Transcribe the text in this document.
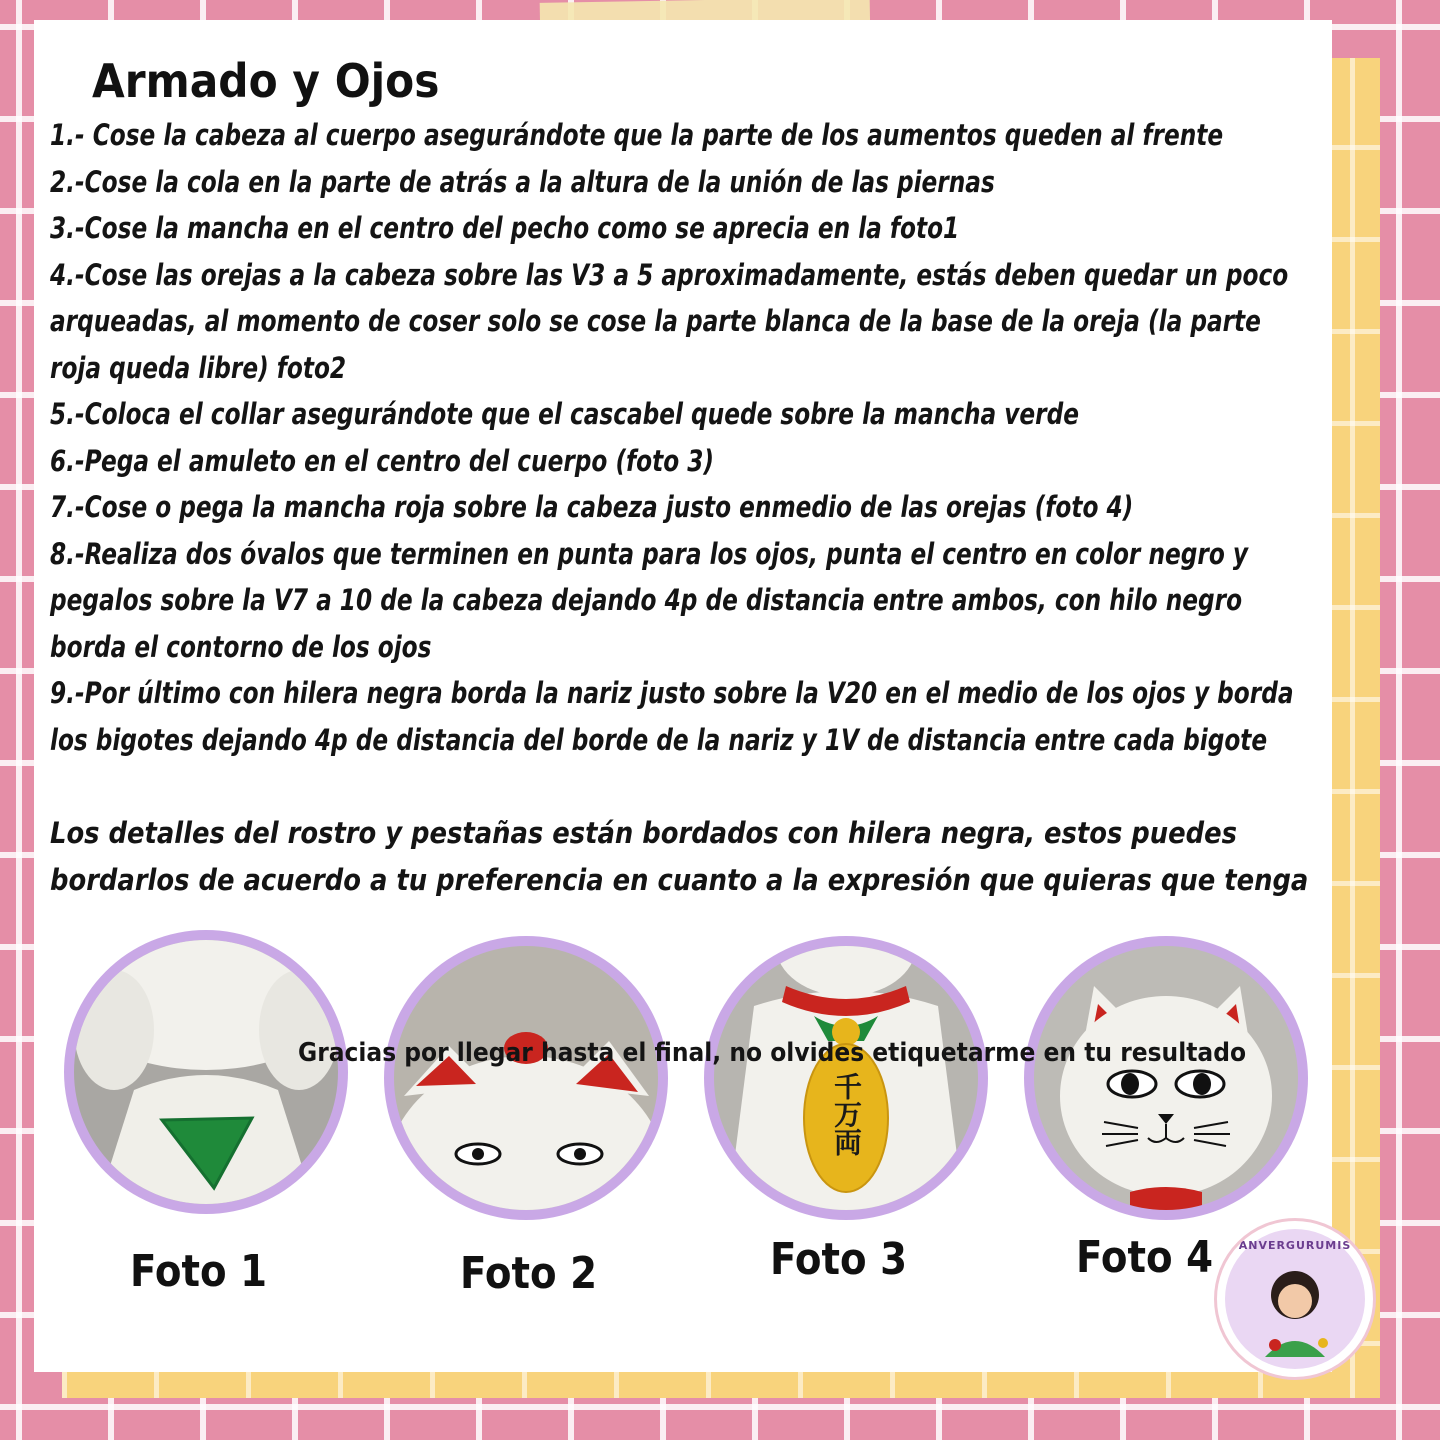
Armado y Ojos
1.- Cose la cabeza al cuerpo asegurándote que la parte de los aumentos queden al frente
2.-Cose la cola en la parte de atrás a la altura de la unión de las piernas
3.-Cose la mancha en el centro del pecho como se aprecia en la foto1
4.-Cose las orejas a la cabeza sobre las V3 a 5 aproximadamente, estás deben quedar un poco arqueadas, al momento de coser solo se cose la parte blanca de la base de la oreja (la parte roja queda libre) foto2
5.-Coloca el collar asegurándote que el cascabel quede sobre la mancha verde
6.-Pega el amuleto en el centro del cuerpo (foto 3)
7.-Cose o pega la mancha roja sobre la cabeza justo enmedio de las orejas (foto 4)
8.-Realiza dos óvalos que terminen en punta para los ojos, punta el centro en color negro y pegalos sobre la V7 a 10 de la cabeza dejando 4p de distancia entre ambos, con hilo negro borda el contorno de los ojos
9.-Por último con hilera negra borda la nariz justo sobre la V20 en el medio de los ojos y borda los bigotes dejando 4p de distancia del borde de la nariz y 1V de distancia entre cada bigote

Los detalles del rostro y pestañas están bordados con hilera negra, estos puedes bordarlos de acuerdo a tu preferencia en cuanto a la expresión que quieras que tenga

千万両

Foto 1	Foto 2	Foto 3	Foto 4

Gracias por llegar hasta el final, no olvides etiquetarme en tu resultado

ANVERGURUMIS
